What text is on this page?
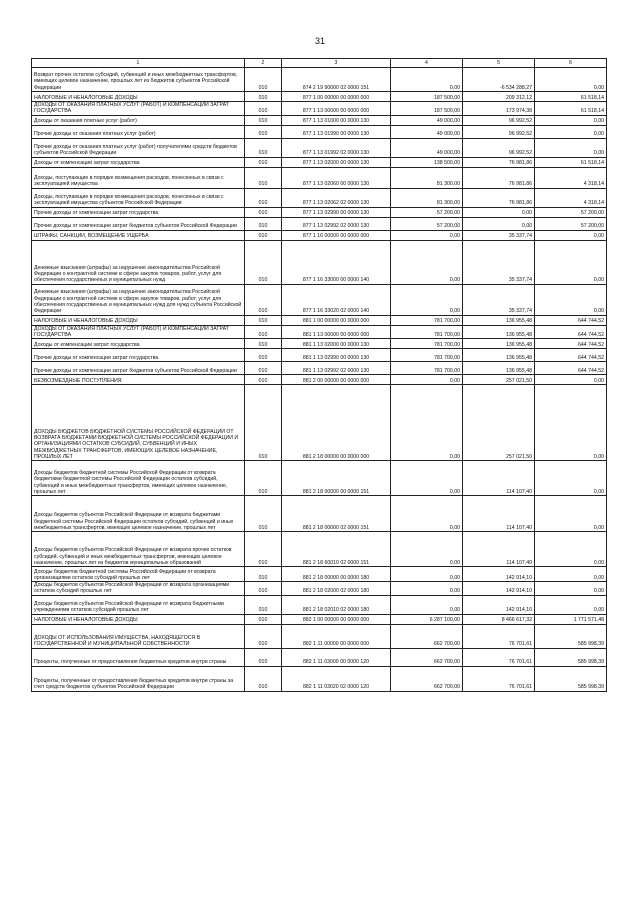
31
1	2	3	4	5	6
Возврат прочих остатков субсидий, субвенций и иных межбюджетных трансфертов, имеющих целевое назначение, прошлых лет из бюджетов субъектов Российской Федерации	010	874 2 19 90000 02 0000 151	0,00	-6 534 288,27	0,00
НАЛОГОВЫЕ И НЕНАЛОГОВЫЕ ДОХОДЫ	010	877 1 00 00000 00 0000 000	187 500,00	209 312,12	61 518,14
ДОХОДЫ ОТ ОКАЗАНИЯ ПЛАТНЫХ УСЛУГ (РАБОТ) И КОМПЕНСАЦИИ ЗАТРАТ ГОСУДАРСТВА	010	877 1 13 00000 00 0000 000	187 500,00	173 974,38	61 518,14
Доходы от оказания платных услуг (работ)	010	877 1 13 01000 00 0000 130	49 000,00	96 992,52	0,00
Прочие доходы от оказания платных услуг (работ)	010	877 1 13 01990 00 0000 130	49 000,00	96 992,52	0,00
Прочие доходы от оказания платных услуг (работ) получателями средств бюджетов субъектов Российской Федерации	010	877 1 13 01992 02 0000 130	49 000,00	96 992,52	0,00
Доходы от компенсации затрат государства	010	877 1 13 02000 00 0000 130	138 500,00	76 981,86	61 518,14
Доходы, поступающие в порядке возмещения расходов, понесенных в связи с эксплуатацией имущества	010	877 1 13 02060 00 0000 130	81 300,00	76 981,86	4 318,14
Доходы, поступающие в порядке возмещения расходов, понесенных в связи с эксплуатацией имущества субъектов Российской Федерации	010	877 1 13 02062 02 0000 130	81 300,00	76 981,86	4 318,14
Прочие доходы от компенсации затрат государства	010	877 1 13 02990 00 0000 130	57 200,00	0,00	57 200,00
Прочие доходы от компенсации затрат бюджетов субъектов Российской Федерации	010	877 1 13 02992 02 0000 130	57 200,00	0,00	57 200,00
ШТРАФЫ, САНКЦИИ, ВОЗМЕЩЕНИЕ УЩЕРБА	010	877 1 16 00000 00 0000 000	0,00	35 337,74	0,00
Денежные взыскания (штрафы) за нарушение законодательства Российской Федерации о контрактной системе в сфере закупок товаров, работ, услуг для обеспечения государственных и муниципальных нужд	010	877 1 16 33000 00 0000 140	0,00	35 337,74	0,00
Денежные взыскания (штрафы) за нарушение законодательства Российской Федерации о контрактной системе в сфере закупок товаров, работ, услуг для обеспечения государственных и муниципальных нужд для нужд субъекта Российской Федерации	010	877 1 16 33020 02 0000 140	0,00	35 337,74	0,00
НАЛОГОВЫЕ И НЕНАЛОГОВЫЕ ДОХОДЫ	010	881 1 00 00000 00 0000 000	781 700,00	136 955,48	644 744,52
ДОХОДЫ ОТ ОКАЗАНИЯ ПЛАТНЫХ УСЛУГ (РАБОТ) И КОМПЕНСАЦИИ ЗАТРАТ ГОСУДАРСТВА	010	881 1 13 00000 00 0000 000	781 700,00	136 955,48	644 744,52
Доходы от компенсации затрат государства	010	881 1 13 02000 00 0000 130	781 700,00	136 955,48	644 744,52
Прочие доходы от компенсации затрат государства	010	881 1 13 02990 00 0000 130	781 700,00	136 955,48	644 744,52
Прочие доходы от компенсации затрат бюджетов субъектов Российской Федерации	010	881 1 13 02992 02 0000 130	781 700,00	136 955,48	644 744,52
БЕЗВОЗМЕЗДНЫЕ ПОСТУПЛЕНИЯ	010	881 2 00 00000 00 0000 000	0,00	257 021,50	0,00
ДОХОДЫ БЮДЖЕТОВ БЮДЖЕТНОЙ СИСТЕМЫ РОССИЙСКОЙ ФЕДЕРАЦИИ ОТ ВОЗВРАТА БЮДЖЕТАМИ БЮДЖЕТНОЙ СИСТЕМЫ РОССИЙСКОЙ ФЕДЕРАЦИИ И ОРГАНИЗАЦИЯМИ ОСТАТКОВ СУБСИДИЙ, СУБВЕНЦИЙ И ИНЫХ МЕЖБЮДЖЕТНЫХ ТРАНСФЕРТОВ, ИМЕЮЩИХ ЦЕЛЕВОЕ НАЗНАЧЕНИЕ, ПРОШЛЫХ ЛЕТ	010	881 2 18 00000 00 0000 000	0,00	257 021,50	0,00
Доходы бюджетов бюджетной системы Российской Федерации от возврата бюджетами бюджетной системы Российской Федерации остатков субсидий, субвенций и иных межбюджетных трансфертов, имеющих целевое назначение, прошлых лет	010	881 2 18 00000 00 0000 151	0,00	114 107,40	0,00
Доходы бюджетов субъектов Российской Федерации от возврата бюджетами бюджетной системы Российской Федерации остатков субсидий, субвенций и иных межбюджетных трансфертов, имеющих целевое назначение, прошлых лет	010	881 2 18 00000 02 0000 151	0,00	114 107,40	0,00
Доходы бюджетов субъектов Российской Федерации от возврата прочих остатков субсидий, субвенций и иных межбюджетных трансфертов, имеющих целевое назначение, прошлых лет из бюджетов муниципальных образований	010	881 2 18 60010 02 0000 151	0,00	114 107,40	0,00
Доходы бюджетов бюджетной системы Российской Федерации от возврата организациями остатков субсидий прошлых лет	010	881 2 18 00000 00 0000 180	0,00	142 914,10	0,00
Доходы бюджетов субъектов Российской Федерации от возврата организациями остатков субсидий прошлых лет	010	881 2 18 02000 02 0000 180	0,00	142 914,10	0,00
Доходы бюджетов субъектов Российской Федерации от возврата бюджетными учреждениями остатков субсидий прошлых лет	010	881 2 18 02010 02 0000 180	0,00	142 914,10	0,00
НАЛОГОВЫЕ И НЕНАЛОГОВЫЕ ДОХОДЫ	010	882 1 00 00000 00 0000 000	6 287 100,00	8 466 617,32	1 771 571,48
ДОХОДЫ ОТ ИСПОЛЬЗОВАНИЯ ИМУЩЕСТВА, НАХОДЯЩЕГОСЯ В ГОСУДАРСТВЕННОЙ И МУНИЦИПАЛЬНОЙ СОБСТВЕННОСТИ	010	882 1 11 00000 00 0000 000	662 700,00	76 701,61	585 998,39
Проценты, полученные от предоставления бюджетных кредитов внутри страны	010	882 1 11 03000 00 0000 120	662 700,00	76 701,61	585 998,39
Проценты, полученные от предоставления бюджетных кредитов внутри страны за счет средств бюджетов субъектов Российской Федерации	010	882 1 11 03020 02 0000 120	662 700,00	76 701,61	585 998,39
